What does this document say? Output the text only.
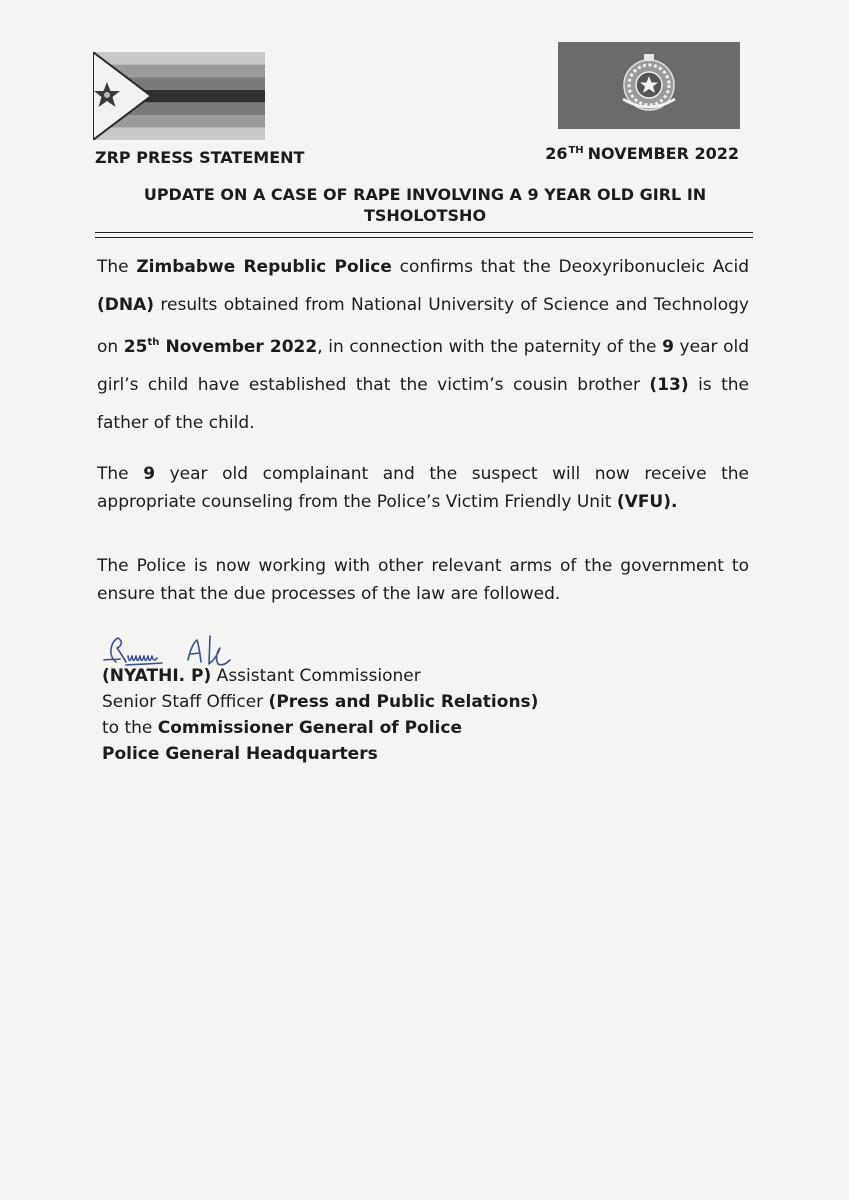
ZRP PRESS STATEMENT	26TH NOVEMBER 2022
UPDATE ON A CASE OF RAPE INVOLVING A 9 YEAR OLD GIRL IN
TSHOLOTSHO
The Zimbabwe Republic Police confirms that the Deoxyribonucleic Acid (DNA) results obtained from National University of Science and Technology on 25th November 2022, in connection with the paternity of the 9 year old girl’s child have established that the victim’s cousin brother (13) is the father of the child.
The 9 year old complainant and the suspect will now receive the appropriate counseling from the Police’s Victim Friendly Unit (VFU).
The Police is now working with other relevant arms of the government to ensure that the due processes of the law are followed.
(NYATHI. P) Assistant Commissioner
Senior Staff Officer (Press and Public Relations)
to the Commissioner General of Police
Police General Headquarters
